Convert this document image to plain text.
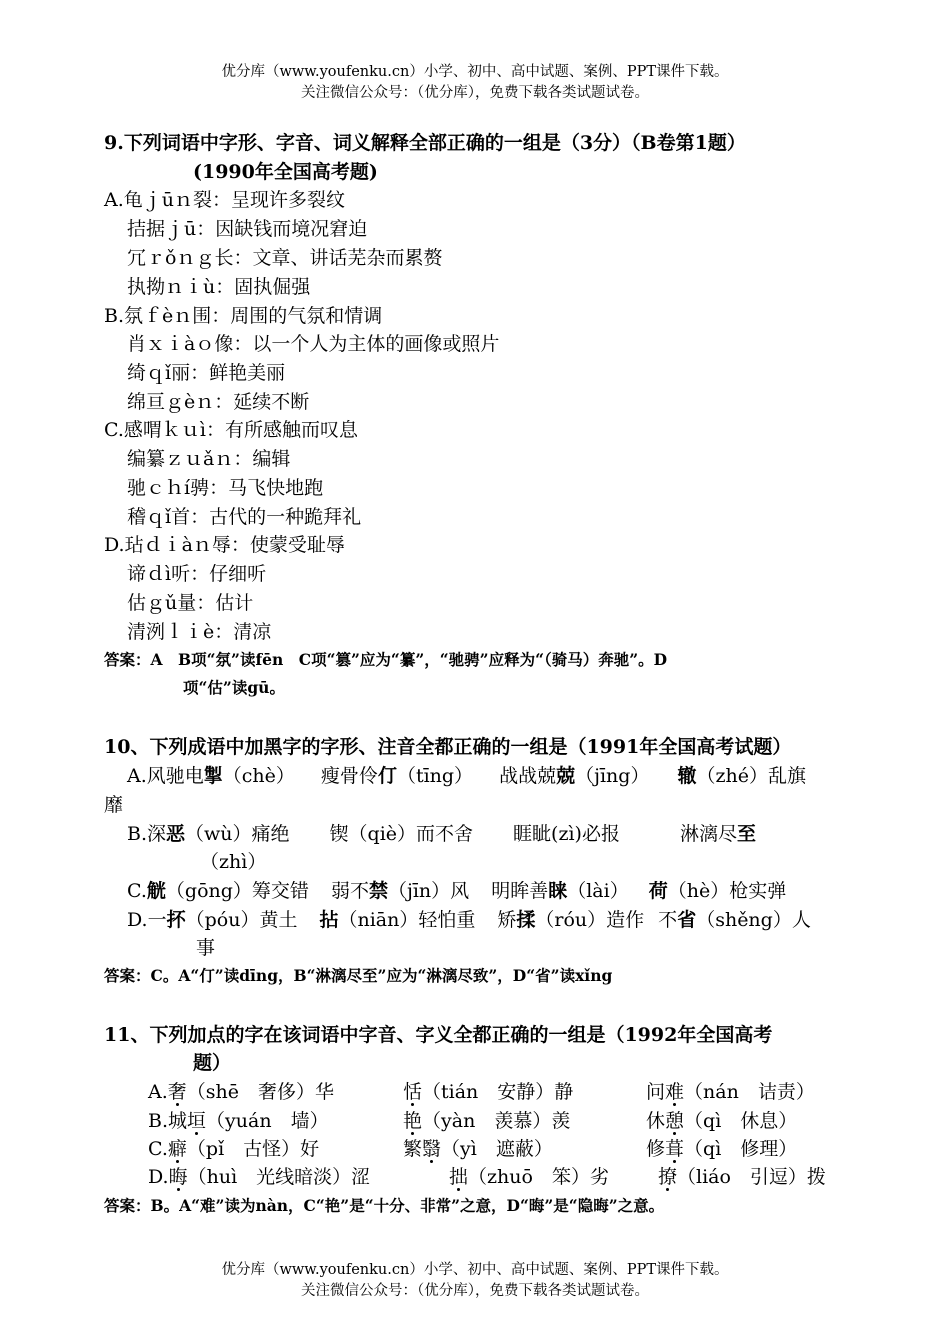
优分库（www.youfenku.cn）小学、初中、高中试题、案例、PPT课件下载。
关注微信公众号：（优分库），免费下载各类试题试卷。
9.下列词语中字形、字音、词义解释全部正确的一组是（3分）（B卷第1题）
(1990年全国高考题)
A.龟ｊūｎ裂：呈现许多裂纹
拮据ｊū：因缺钱而境况窘迫
冗ｒǒｎｇ长：文章、讲话芜杂而累赘
执拗ｎｉù：固执倔强
B.氛ｆèｎ围：周围的气氛和情调
肖ｘｉàｏ像：以一个人为主体的画像或照片
绮ｑǐ丽：鲜艳美丽
绵亘ｇèｎ：延续不断
C.感喟ｋｕì：有所感触而叹息
编纂ｚｕǎｎ：编辑
驰ｃｈí骋：马飞快地跑
稽ｑǐ首：古代的一种跪拜礼
D.玷ｄｉàｎ辱：使蒙受耻辱
谛ｄì听：仔细听
估ｇǔ量：估计
清洌ｌｉè：清凉
答案：A　B项“氛”读fēn　C项“篡”应为“纂”，“驰骋”应释为“（骑马）奔驰”。D
项“估”读gū。
10、下列成语中加黑字的字形、注音全都正确的一组是（1991年全国高考试题）
A.风驰电掣（chè） 瘦骨伶仃（tīng） 战战兢兢（jīng） 辙（zhé）乱旗
靡
B.深恶（wù）痛绝 锲（qiè）而不舍 睚眦(zì)必报	淋漓尽至
（zhì）
C.觥（gōng）筹交错 弱不禁（jīn）风 明眸善睐（lài） 荷（hè）枪实弹
D.一抔（póu）黄土 拈（niān）轻怕重 矫揉（róu）造作 不省（shěng）人
事
答案：C。A“仃”读dīng，B“淋漓尽至”应为“淋漓尽致”，D“省”读xǐng
11、下列加点的字在该词语中字音、字义全都正确的一组是（1992年全国高考
题）
A.奢（shē　奢侈）华	恬（tián　安静）静	问难（nán　诘责）
B.城垣（yuán　墙）	艳（yàn　羡慕）羡	休憩（qì　休息）
C.癖（pǐ　古怪）好	繁翳（yì　遮蔽）	修葺（qì　修理）
D.晦（huì　光线暗淡）涩	拙（zhuō　笨）劣	撩（liáo　引逗）拨
答案：B。A“难”读为nàn，C“艳”是“十分、非常”之意，D“晦”是“隐晦”之意。
优分库（www.youfenku.cn）小学、初中、高中试题、案例、PPT课件下载。
关注微信公众号：（优分库），免费下载各类试题试卷。
